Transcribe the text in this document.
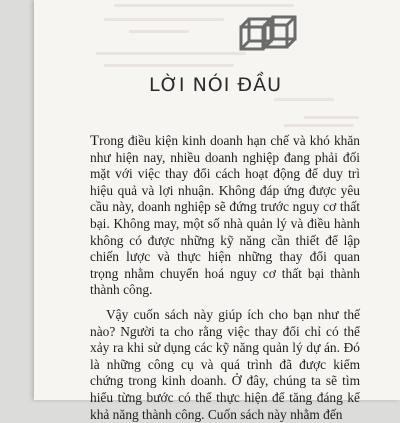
LỜI NÓI ĐẦU

Trong điều kiện kinh doanh hạn chế và khó khăn như hiện nay, nhiều doanh nghiệp đang phải đối mặt với việc thay đổi cách hoạt động để duy trì hiệu quả và lợi nhuận. Không đáp ứng được yêu cầu này, doanh nghiệp sẽ đứng trước nguy cơ thất bại. Không may, một số nhà quản lý và điều hành không có được những kỹ năng cần thiết để lập chiến lược và thực hiện những thay đổi quan trọng nhằm chuyển hoá nguy cơ thất bại thành thành công.

Vậy cuốn sách này giúp ích cho bạn như thế nào? Người ta cho rằng việc thay đổi chỉ có thể xảy ra khi sử dụng các kỹ năng quản lý dự án. Đó là những công cụ và quá trình đã được kiểm chứng trong kinh doanh. Ở đây, chúng ta sẽ tìm hiểu từng bước có thể thực hiện để tăng đáng kể khả năng thành công. Cuốn sách này nhằm đến
